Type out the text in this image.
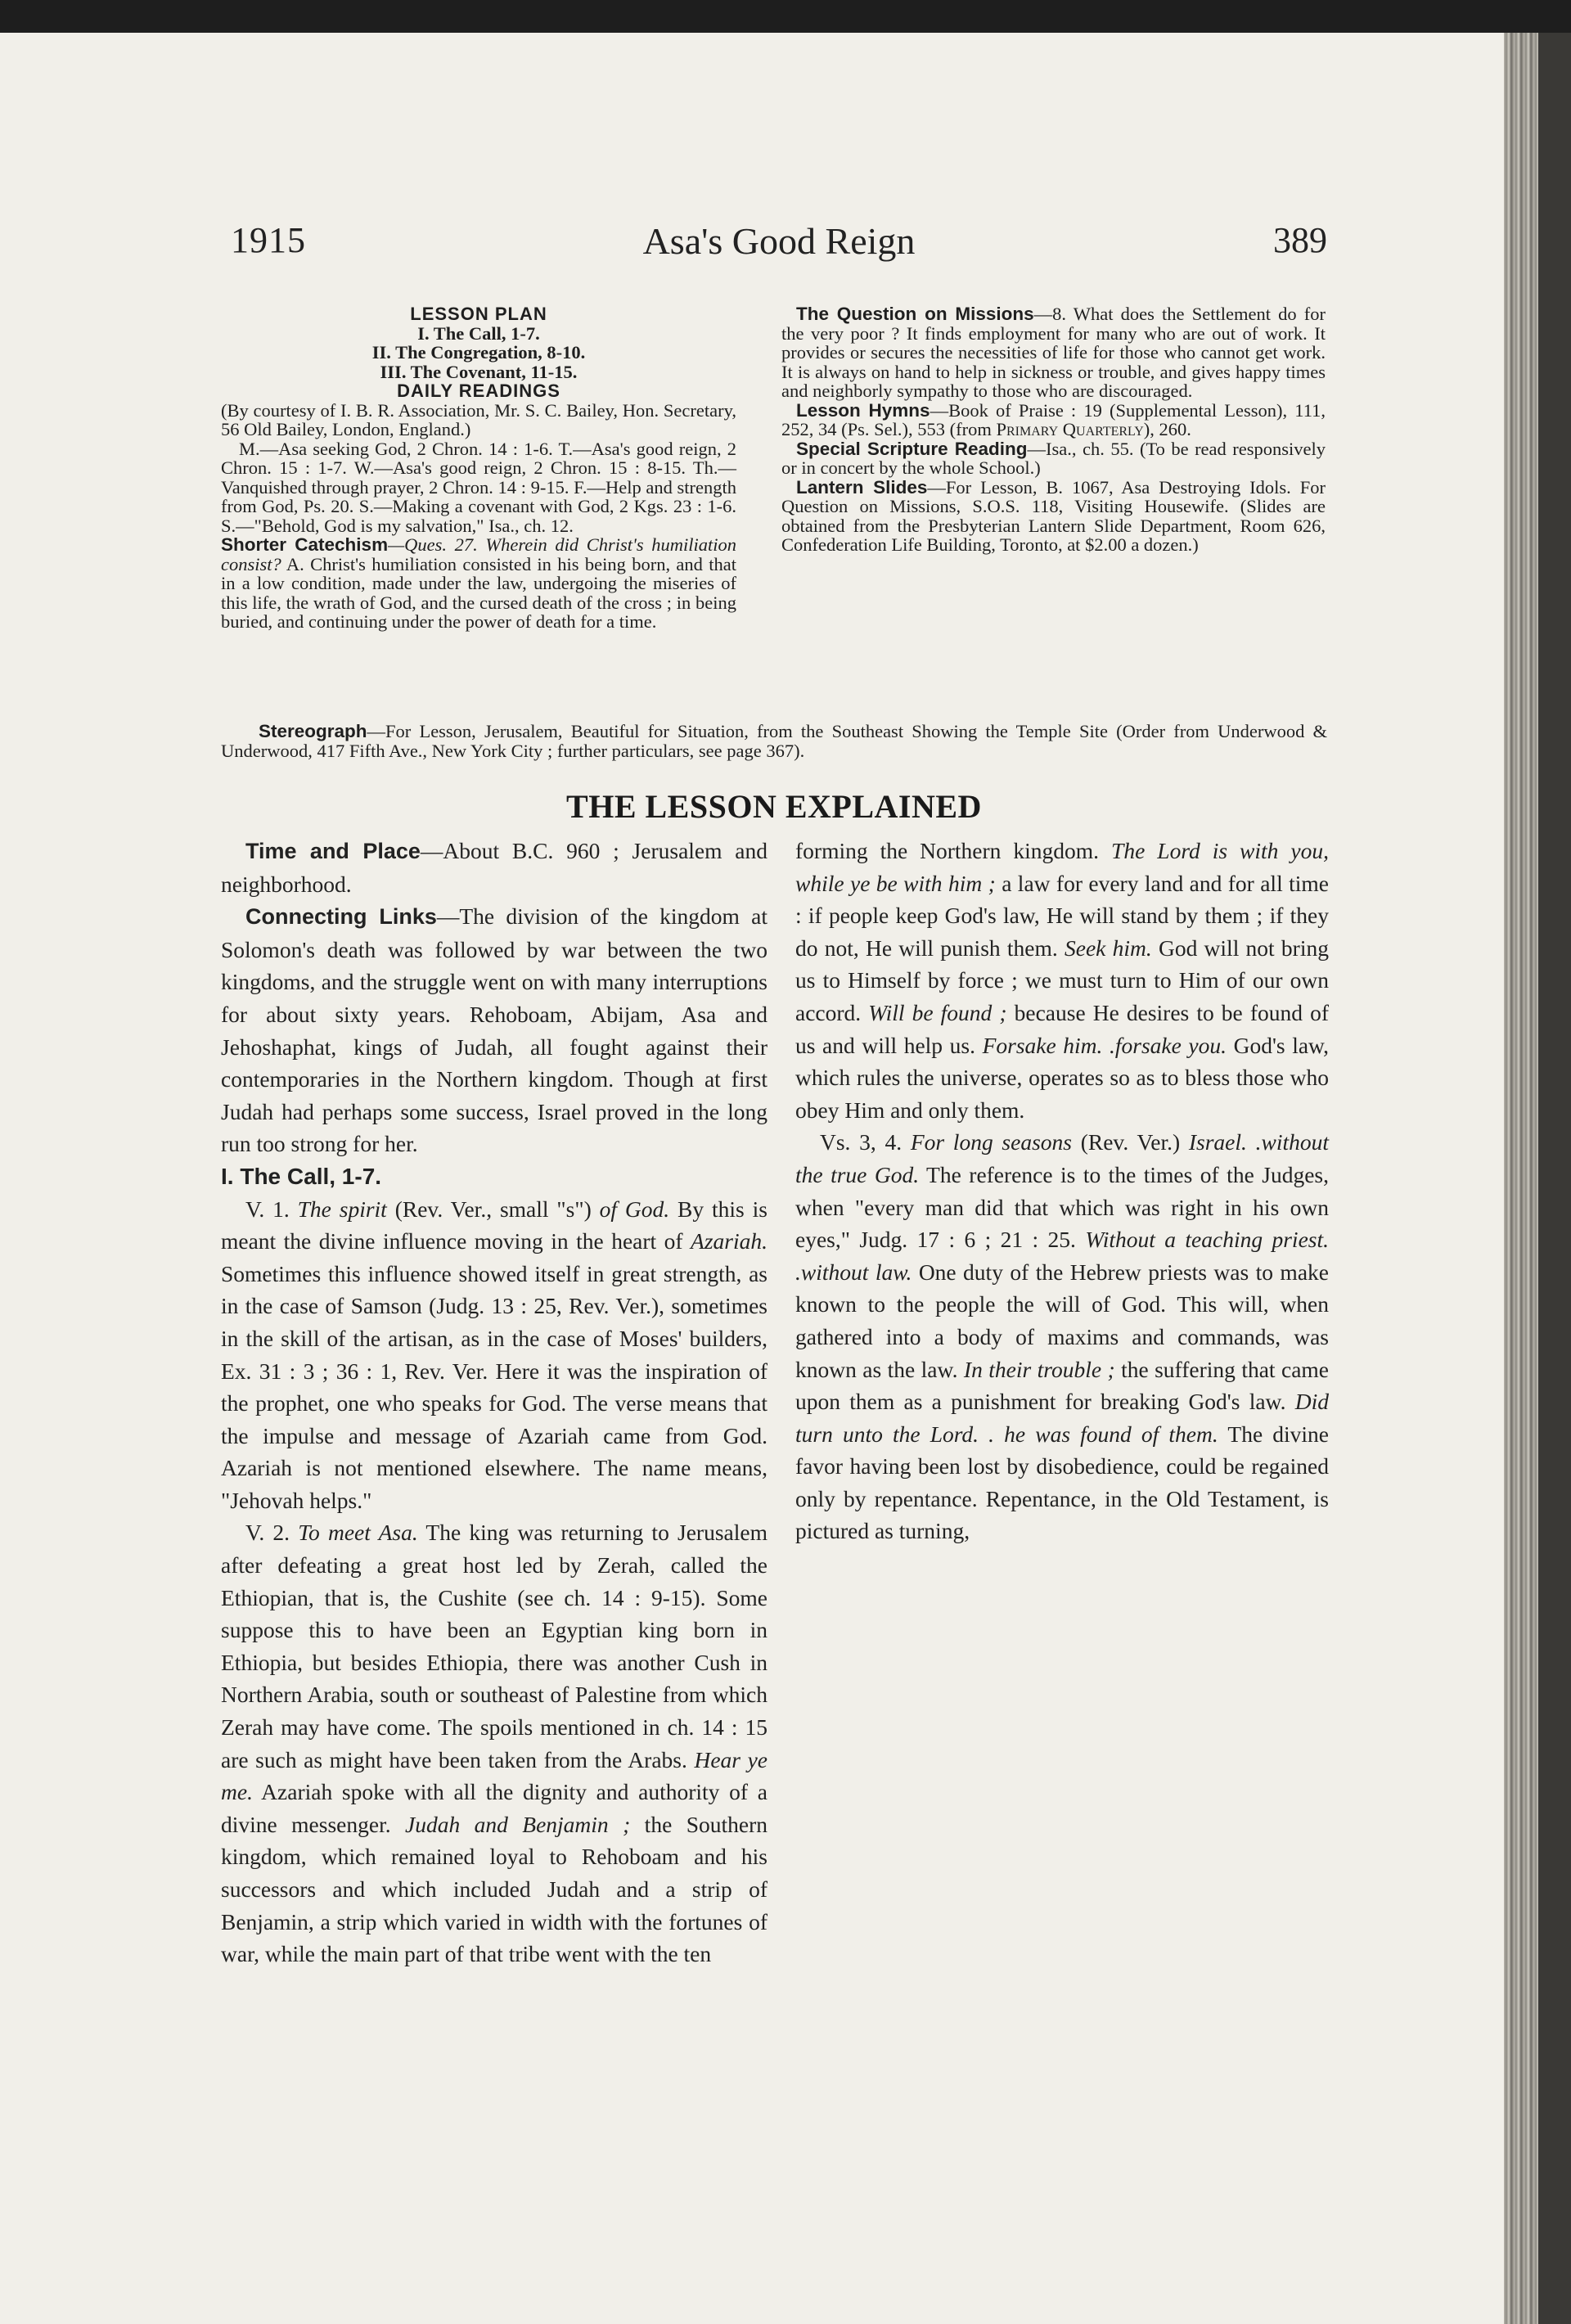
1915	Asa's Good Reign	389

LESSON PLAN

I. The Call, 1-7.

II. The Congregation, 8-10.

III. The Covenant, 11-15.

DAILY READINGS

(By courtesy of I. B. R. Association, Mr. S. C. Bailey, Hon. Secretary, 56 Old Bailey, London, England.)

M.—Asa seeking God, 2 Chron. 14 : 1-6. T.—Asa's good reign, 2 Chron. 15 : 1-7. W.—Asa's good reign, 2 Chron. 15 : 8-15. Th.—Vanquished through prayer, 2 Chron. 14 : 9-15. F.—Help and strength from God, Ps. 20. S.—Making a covenant with God, 2 Kgs. 23 : 1-6. S.—"Behold, God is my salvation," Isa., ch. 12.

Shorter Catechism—Ques. 27. Wherein did Christ's humiliation consist? A. Christ's humiliation consisted in his being born, and that in a low condition, made under the law, undergoing the miseries of this life, the wrath of God, and the cursed death of the cross ; in being buried, and continuing under the power of death for a time.

The Question on Missions—8. What does the Settlement do for the very poor ? It finds employment for many who are out of work. It provides or secures the necessities of life for those who cannot get work. It is always on hand to help in sickness or trouble, and gives happy times and neighborly sympathy to those who are discouraged.

Lesson Hymns—Book of Praise : 19 (Supplemental Lesson), 111, 252, 34 (Ps. Sel.), 553 (from Primary Quarterly), 260.

Special Scripture Reading—Isa., ch. 55. (To be read responsively or in concert by the whole School.)

Lantern Slides—For Lesson, B. 1067, Asa Destroying Idols. For Question on Missions, S.O.S. 118, Visiting Housewife. (Slides are obtained from the Presbyterian Lantern Slide Department, Room 626, Confederation Life Building, Toronto, at $2.00 a dozen.)

Stereograph—For Lesson, Jerusalem, Beautiful for Situation, from the Southeast Showing the Temple Site (Order from Underwood & Underwood, 417 Fifth Ave., New York City ; further particulars, see page 367).

THE LESSON EXPLAINED

Time and Place—About B.C. 960 ; Jerusalem and neighborhood.

Connecting Links—The division of the kingdom at Solomon's death was followed by war between the two kingdoms, and the struggle went on with many interruptions for about sixty years. Rehoboam, Abijam, Asa and Jehoshaphat, kings of Judah, all fought against their contemporaries in the Northern kingdom. Though at first Judah had perhaps some success, Israel proved in the long run too strong for her.

I. The Call, 1-7.

V. 1. The spirit (Rev. Ver., small "s") of God. By this is meant the divine influence moving in the heart of Azariah. Sometimes this influence showed itself in great strength, as in the case of Samson (Judg. 13 : 25, Rev. Ver.), sometimes in the skill of the artisan, as in the case of Moses' builders, Ex. 31 : 3 ; 36 : 1, Rev. Ver. Here it was the inspiration of the prophet, one who speaks for God. The verse means that the impulse and message of Azariah came from God. Azariah is not mentioned elsewhere. The name means, "Jehovah helps."

V. 2. To meet Asa. The king was returning to Jerusalem after defeating a great host led by Zerah, called the Ethiopian, that is, the Cushite (see ch. 14 : 9-15). Some suppose this to have been an Egyptian king born in Ethiopia, but besides Ethiopia, there was another Cush in Northern Arabia, south or southeast of Palestine from which Zerah may have come. The spoils mentioned in ch. 14 : 15 are such as might have been taken from the Arabs. Hear ye me. Azariah spoke with all the dignity and authority of a divine messenger. Judah and Benjamin ; the Southern kingdom, which remained loyal to Rehoboam and his successors and which included Judah and a strip of Benjamin, a strip which varied in width with the fortunes of war, while the main part of that tribe went with the ten

forming the Northern kingdom. The Lord is with you, while ye be with him ; a law for every land and for all time : if people keep God's law, He will stand by them ; if they do not, He will punish them. Seek him. God will not bring us to Himself by force ; we must turn to Him of our own accord. Will be found ; because He desires to be found of us and will help us. Forsake him. .forsake you. God's law, which rules the universe, operates so as to bless those who obey Him and only them.

Vs. 3, 4. For long seasons (Rev. Ver.) Israel. .without the true God. The reference is to the times of the Judges, when "every man did that which was right in his own eyes," Judg. 17 : 6 ; 21 : 25. Without a teaching priest. .without law. One duty of the Hebrew priests was to make known to the people the will of God. This will, when gathered into a body of maxims and commands, was known as the law. In their trouble ; the suffering that came upon them as a punishment for breaking God's law. Did turn unto the Lord. . he was found of them. The divine favor having been lost by disobedience, could be regained only by repentance. Repentance, in the Old Testament, is pictured as turning,
